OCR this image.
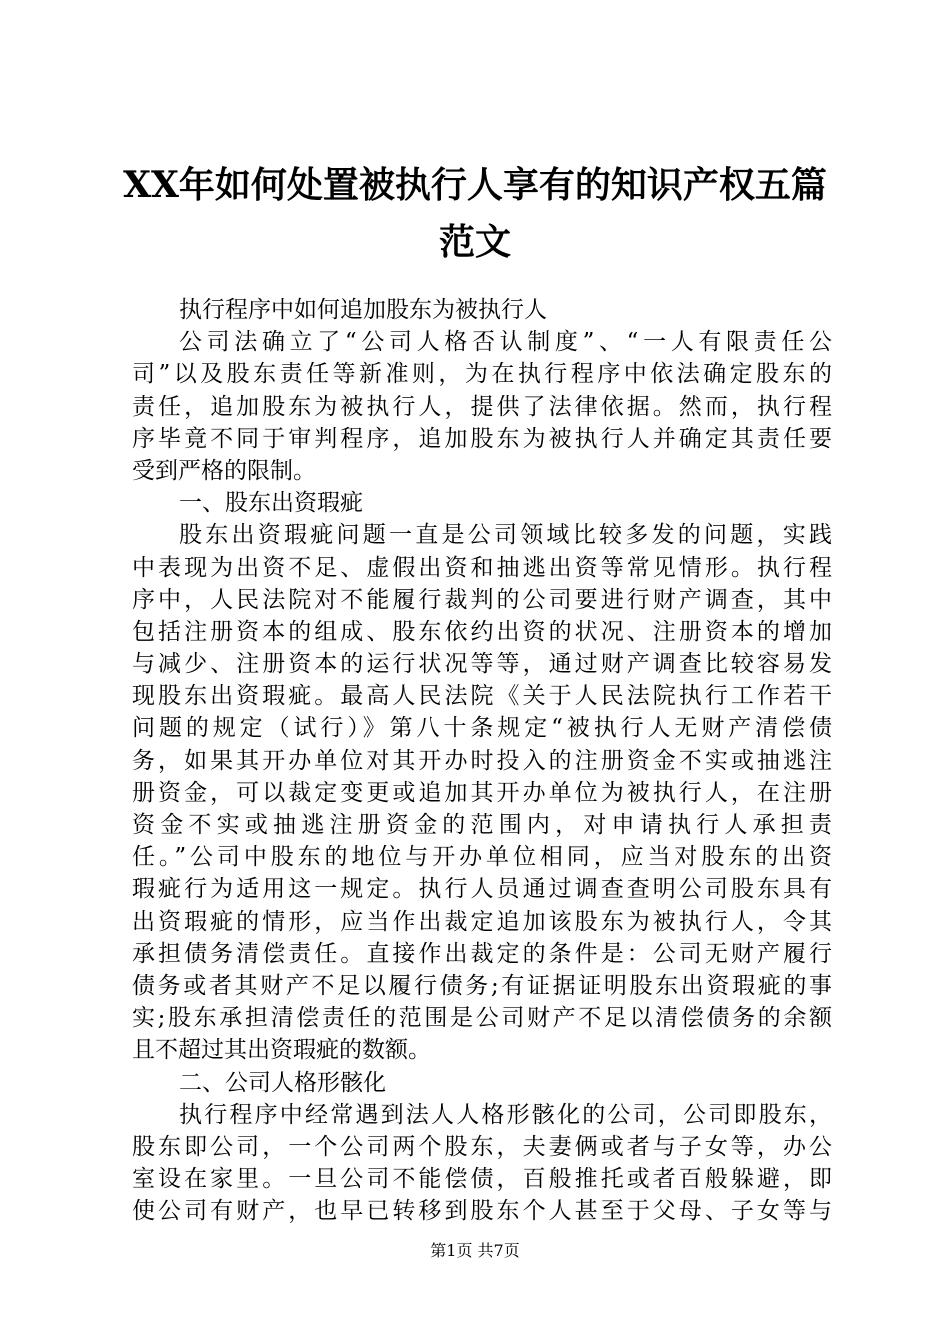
XX年如何处置被执行人享有的知识产权五篇
范文
执行程序中如何追加股东为被执行人
公司法确立了“公司人格否认制度”、“一人有限责任公
司”以及股东责任等新准则，为在执行程序中依法确定股东的
责任，追加股东为被执行人，提供了法律依据。然而，执行程
序毕竟不同于审判程序，追加股东为被执行人并确定其责任要
受到严格的限制。
一、股东出资瑕疵
股东出资瑕疵问题一直是公司领域比较多发的问题，实践
中表现为出资不足、虚假出资和抽逃出资等常见情形。执行程
序中，人民法院对不能履行裁判的公司要进行财产调查，其中
包括注册资本的组成、股东依约出资的状况、注册资本的增加
与减少、注册资本的运行状况等等，通过财产调查比较容易发
现股东出资瑕疵。最高人民法院《关于人民法院执行工作若干
问题的规定（试行）》第八十条规定“被执行人无财产清偿债
务，如果其开办单位对其开办时投入的注册资金不实或抽逃注
册资金，可以裁定变更或追加其开办单位为被执行人，在注册
资金不实或抽逃注册资金的范围内，对申请执行人承担责
任。”公司中股东的地位与开办单位相同，应当对股东的出资
瑕疵行为适用这一规定。执行人员通过调查查明公司股东具有
出资瑕疵的情形，应当作出裁定追加该股东为被执行人，令其
承担债务清偿责任。直接作出裁定的条件是：公司无财产履行
债务或者其财产不足以履行债务;有证据证明股东出资瑕疵的事
实;股东承担清偿责任的范围是公司财产不足以清偿债务的余额
且不超过其出资瑕疵的数额。
二、公司人格形骸化
执行程序中经常遇到法人人格形骸化的公司，公司即股东，
股东即公司，一个公司两个股东，夫妻俩或者与子女等，办公
室设在家里。一旦公司不能偿债，百般推托或者百般躲避，即
使公司有财产，也早已转移到股东个人甚至于父母、子女等与
第1页 共7页
